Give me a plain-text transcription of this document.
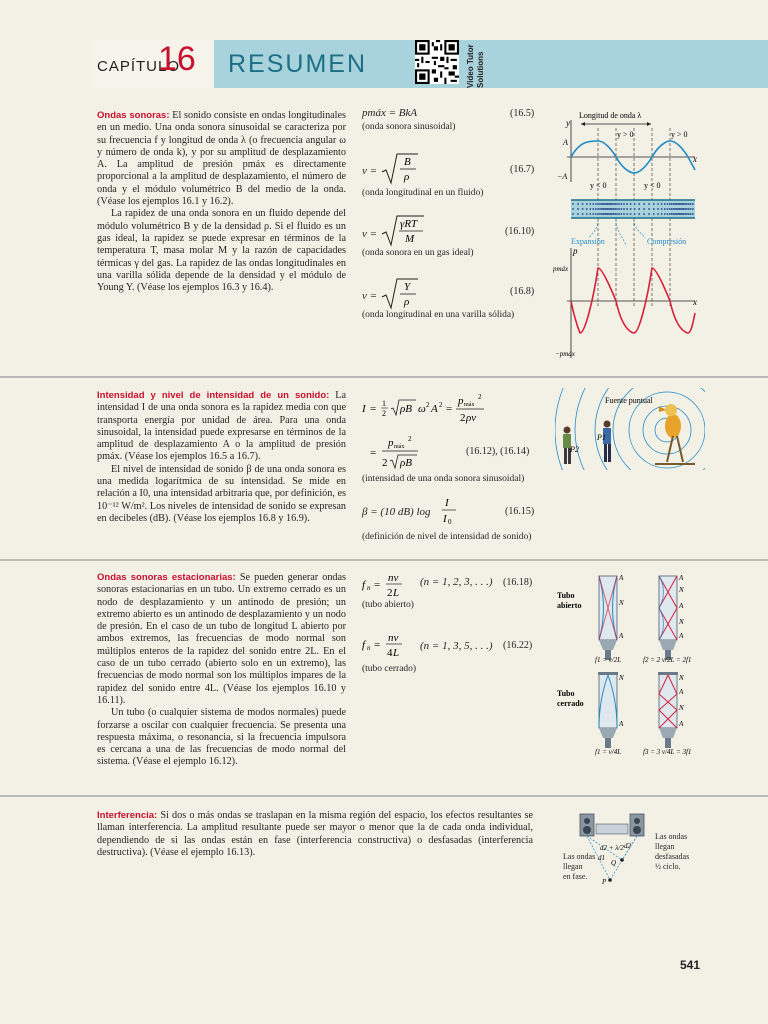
CAPÍTULO
16 RESUMEN	Video Tutor
Solutions

Ondas sonoras: El sonido consiste en ondas longitudinales en un medio. Una onda sonora sinusoidal se caracteriza por su frecuencia f y longitud de onda λ (o frecuencia angular ω y número de onda k), y por su amplitud de desplazamiento A. La amplitud de presión pmáx es directamente proporcional a la amplitud de desplazamiento, el número de onda y el módulo volumétrico B del medio de la onda. (Véase los ejemplos 16.1 y 16.2).

La rapidez de una onda sonora en un fluido depende del módulo volumétrico B y de la densidad ρ. Si el fluido es un gas ideal, la rapidez se puede expresar en términos de la temperatura T, masa molar M y la razón de capacidades térmicas γ del gas. La rapidez de las ondas longitudinales en una varilla sólida depende de la densidad y el módulo de Young Y. (Véase los ejemplos 16.3 y 16.4).

pmáx = BkA	(16.5)
(onda sonora sinusoidal)
v =
B
ρ
(16.7)
(onda longitudinal en un fluido)
v =
γRT
M
(16.10)
(onda sonora en un gas ideal)
v =
Y
ρ
(16.8)
(onda longitudinal en una varilla sólida)
Longitud de onda λ
y
x
A
−A
y > 0	y > 0
y < 0	y < 0
Expansión	Compresión
p
pmáx
x
−pmáx

Intensidad y nivel de intensidad de un sonido: La intensidad I de una onda sonora es la rapidez media con que transporta energía por unidad de área. Para una onda sinusoidal, la intensidad puede expresarse en términos de la amplitud de desplazamiento A o la amplitud de presión pmáx. (Véase los ejemplos 16.5 a 16.7).

El nivel de intensidad de sonido β de una onda sonora es una medida logarítmica de su intensidad. Se mide en relación a I0, una intensidad arbitraria que, por definición, es 10⁻¹² W/m². Los niveles de intensidad de sonido se expresan en decibeles (dB). (Véase los ejemplos 16.8 y 16.9).

I = 1
2 ρB ω 2 A 2 =
p máx
2
2 ρv
=
p máx
2
2 ρB
(16.12), (16.14)
(intensidad de una onda sonora sinusoidal)
β = (10 dB) log
I
I 0
(16.15)
(definición de nivel de intensidad de sonido)
Fuente puntual
P1
P2

Ondas sonoras estacionarias: Se pueden generar ondas sonoras estacionarias en un tubo. Un extremo cerrado es un nodo de desplazamiento y un antinodo de presión; un extremo abierto es un antinodo de desplazamiento y un nodo de presión. En el caso de un tubo de longitud L abierto por ambos extremos, las frecuencias de modo normal son múltiplos enteros de la rapidez del sonido entre 2L. En el caso de un tubo cerrado (abierto solo en un extremo), las frecuencias de modo normal son los múltiplos impares de la rapidez del sonido entre 4L. (Véase los ejemplos 16.10 y 16.11).

Un tubo (o cualquier sistema de modos normales) puede forzarse a oscilar con cualquier frecuencia. Se presenta una respuesta máxima, o resonancia, si la frecuencia impulsora es cercana a una de las frecuencias de modo normal del sistema. (Véase el ejemplo 16.12).

f n =
nv
2 L
(n = 1, 2, 3, . . .) (16.18)
(tubo abierto)
f n =
nv
4 L
(n = 1, 3, 5, . . .) (16.22)
(tubo cerrado)
Tubo
abierto
Tubo
cerrado
A
N
A
f1 = v/2L
A
N
A
N
A
f2 = 2 v/2L = 2f1
N
A
f1 = v/4L
N
A
N
A
f3 = 3 v/4L = 3f1

Interferencia: Si dos o más ondas se traslapan en la misma región del espacio, los efectos resultantes se llaman interferencia. La amplitud resultante puede ser mayor o menor que la de cada onda individual, dependiendo de si las ondas están en fase (interferencia constructiva) o desfasadas (interferencia destructiva). (Véase el ejemplo 16.13).

P
Q
d1
d2
d2 + λ/2
Las ondas
llegan
en fase.
Las ondas
llegan
desfasadas
½ ciclo.
541
